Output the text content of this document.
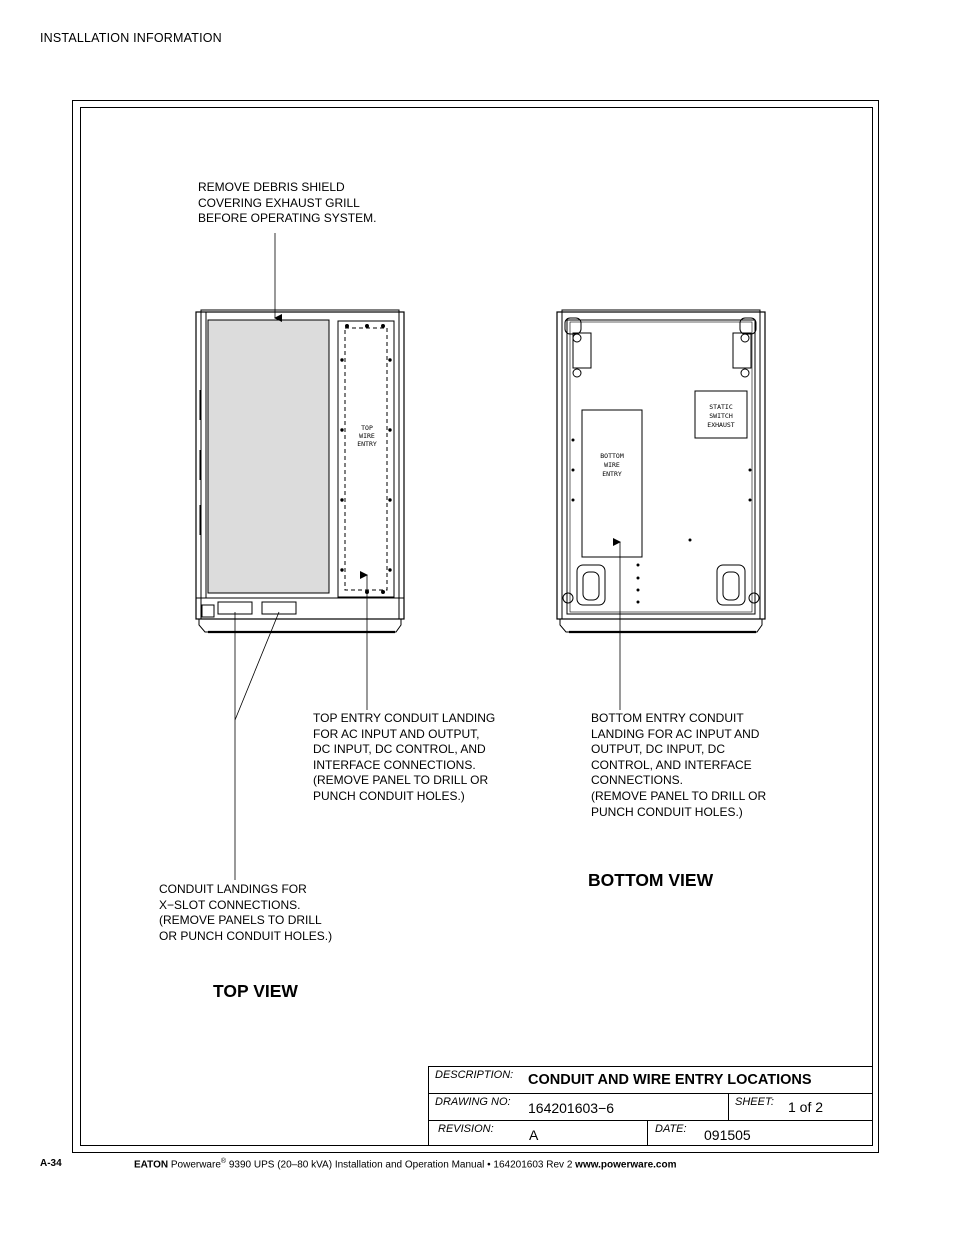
INSTALLATION INFORMATION
TOP
WIRE
ENTRY
BOTTOM
WIRE
ENTRY
STATIC
SWITCH
EXHAUST
REMOVE DEBRIS SHIELD
COVERING EXHAUST GRILL
BEFORE OPERATING SYSTEM.
TOP ENTRY CONDUIT LANDING
FOR AC INPUT AND OUTPUT,
DC INPUT, DC CONTROL, AND
INTERFACE CONNECTIONS.
(REMOVE PANEL TO DRILL OR
PUNCH CONDUIT HOLES.)
BOTTOM ENTRY CONDUIT
LANDING FOR AC INPUT AND
OUTPUT, DC INPUT, DC
CONTROL, AND INTERFACE
CONNECTIONS.
(REMOVE PANEL TO DRILL OR
PUNCH CONDUIT HOLES.)
CONDUIT LANDINGS FOR
X−SLOT CONNECTIONS.
(REMOVE PANELS TO DRILL
OR PUNCH CONDUIT HOLES.)
BOTTOM VIEW
TOP VIEW
DESCRIPTION: CONDUIT AND WIRE ENTRY LOCATIONS
DRAWING NO: 164201603−6	SHEET: 1 of 2
REVISION:	A	DATE: 091505
A-34	EATON Powerware® 9390 UPS (20–80 kVA) Installation and Operation Manual • 164201603 Rev 2 www.powerware.com
